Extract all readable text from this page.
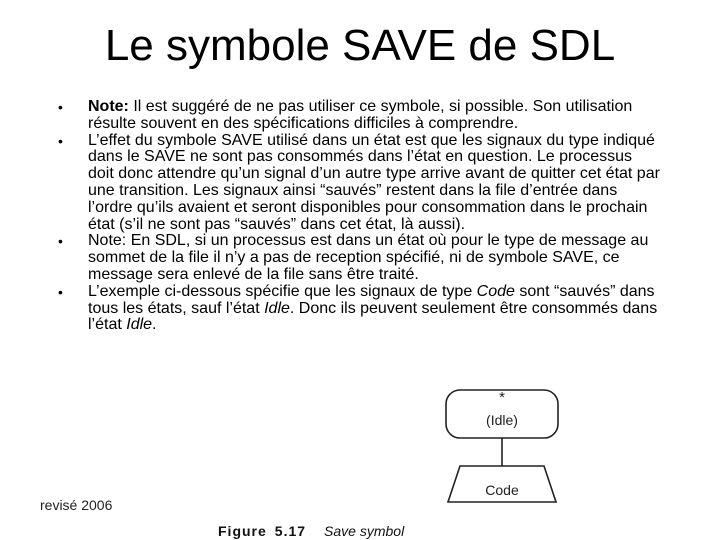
Le symbole SAVE de SDL
• Note: Il est suggéré de ne pas utiliser ce symbole, si possible. Son utilisation résulte souvent en des spécifications difficiles à comprendre.
• L’effet du symbole SAVE utilisé dans un état est que les signaux du type indiqué dans le SAVE ne sont pas consommés dans l’état en question. Le processus doit donc attendre qu’un signal d’un autre type arrive avant de quitter cet état par une transition. Les signaux ainsi “sauvés” restent dans la file d’entrée dans l’ordre qu’ils avaient et seront disponibles pour consommation dans le prochain état (s’il ne sont pas “sauvés” dans cet état, là aussi).
• Note: En SDL, si un processus est dans un état où pour le type de message au sommet de la file il n’y a pas de reception spécifié, ni de symbole SAVE, ce message sera enlevé de la file sans être traité.
• L’exemple ci-dessous spécifie que les signaux de type Code sont “sauvés” dans tous les états, sauf l’état Idle. Donc ils peuvent seulement être consommés dans l’état Idle.
*
(Idle)
Code
Figure 5.17 Save symbol
revisé 2006
